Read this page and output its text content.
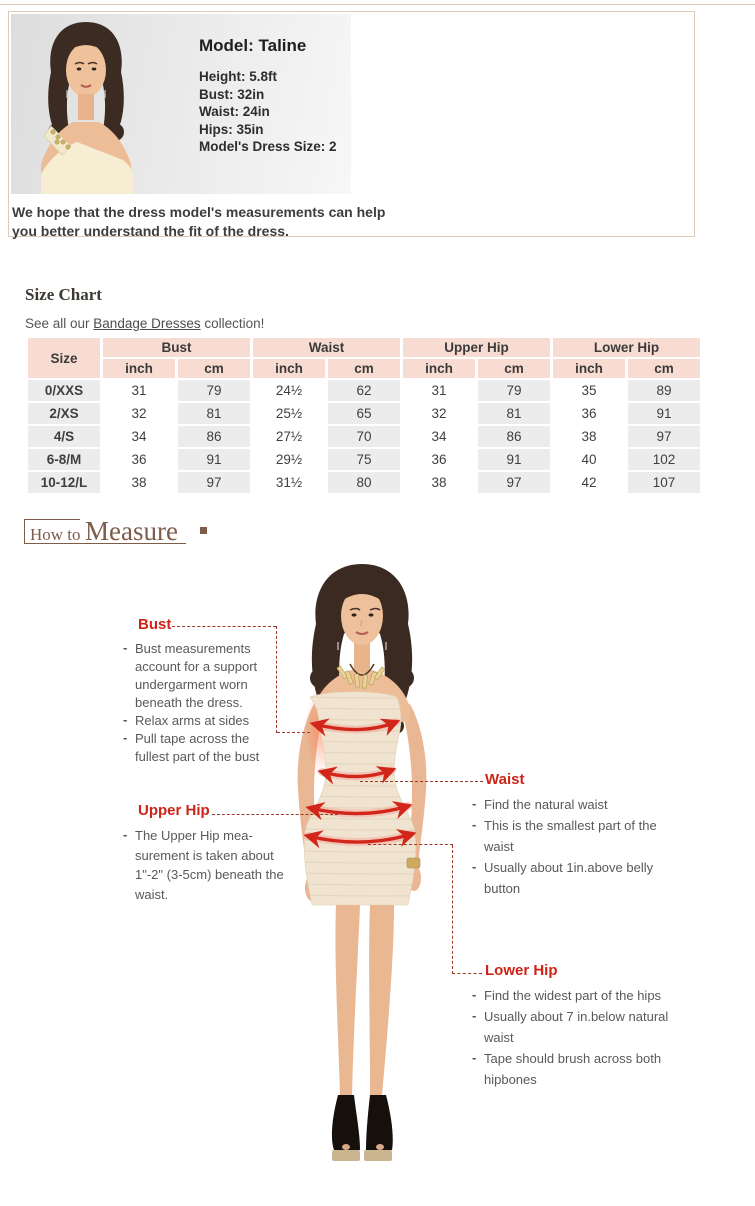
Model: Taline
Height: 5.8ft
Bust: 32in
Waist: 24in
Hips: 35in
Model's Dress Size: 2
We hope that the dress model's measurements can help
you better understand the fit of the dress.
Size Chart
See all our Bandage Dresses collection!
Size	Bust		Waist		Upper Hip		Lower Hip	
	inch	cm	inch	cm	inch	cm	inch	cm
0/XXS	31	79	24½	62	31	79	35	89
2/XS	32	81	25½	65	32	81	36	91
4/S	34	86	27½	70	34	86	38	97
6-8/M	36	91	29½	75	36	91	40	102
10-12/L	38	97	31½	80	38	97	42	107
How to Measure
Bust
Upper Hip
Waist
Lower Hip
- Bust measurements account for a support undergarment worn beneath the dress.
- Relax arms at sides
- Pull tape across the fullest part of the bust
- The Upper Hip mea-surement is taken about 1"-2" (3-5cm) beneath the waist.
- Find the natural waist
- This is the smallest part of the
waist
- Usually about 1in.above belly
button
- Find the widest part of the hips
- Usually about 7 in.below natural
waist
- Tape should brush across both
hipbones
